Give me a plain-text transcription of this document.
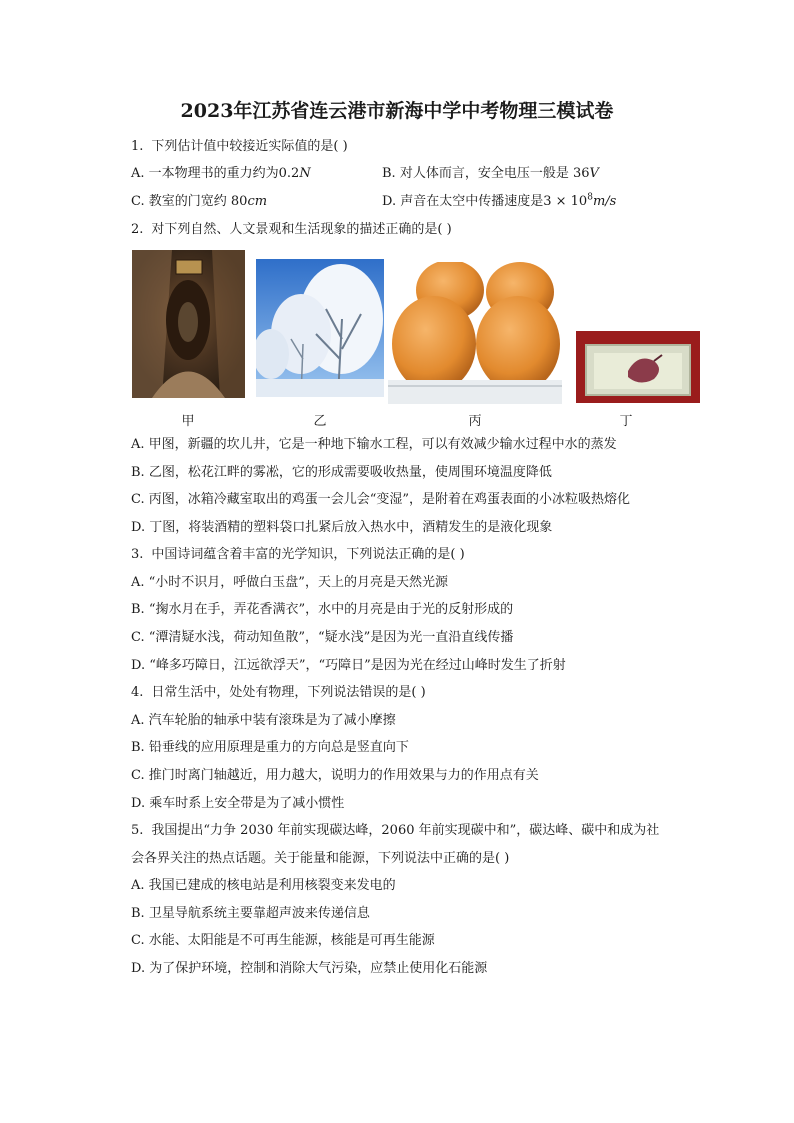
2023年江苏省连云港市新海中学中考物理三模试卷
1. 下列估计值中较接近实际值的是( )
A. 一本物理书的重力约为0.2N	B. 对人体而言，安全电压一般是 36V
C. 教室的门宽约 80cm	D. 声音在太空中传播速度是$3 \times 10^8m/s$
2. 对下列自然、人文景观和生活现象的描述正确的是( )
甲	乙	丙	丁
A. 甲图，新疆的坎儿井，它是一种地下输水工程，可以有效减少输水过程中水的蒸发
B. 乙图，松花江畔的雾凇，它的形成需要吸收热量，使周围环境温度降低
C. 丙图，冰箱冷藏室取出的鸡蛋一会儿会“变湿”，是附着在鸡蛋表面的小冰粒吸热熔化
D. 丁图，将装酒精的塑料袋口扎紧后放入热水中，酒精发生的是液化现象
3. 中国诗词蕴含着丰富的光学知识，下列说法正确的是( )
A. “小时不识月，呼做白玉盘”，天上的月亮是天然光源
B. “掬水月在手，弄花香满衣”，水中的月亮是由于光的反射形成的
C. “潭清疑水浅，荷动知鱼散”，“疑水浅”是因为光一直沿直线传播
D. “峰多巧障日，江远欲浮天”，“巧障日”是因为光在经过山峰时发生了折射
4. 日常生活中，处处有物理，下列说法错误的是( )
A. 汽车轮胎的轴承中装有滚珠是为了减小摩擦
B. 铅垂线的应用原理是重力的方向总是竖直向下
C. 推门时离门轴越近，用力越大，说明力的作用效果与力的作用点有关
D. 乘车时系上安全带是为了减小惯性
5. 我国提出“力争 2030 年前实现碳达峰，2060 年前实现碳中和”，碳达峰、碳中和成为社
会各界关注的热点话题。关于能量和能源，下列说法中正确的是( )
A. 我国已建成的核电站是利用核裂变来发电的
B. 卫星导航系统主要靠超声波来传递信息
C. 水能、太阳能是不可再生能源，核能是可再生能源
D. 为了保护环境，控制和消除大气污染，应禁止使用化石能源
